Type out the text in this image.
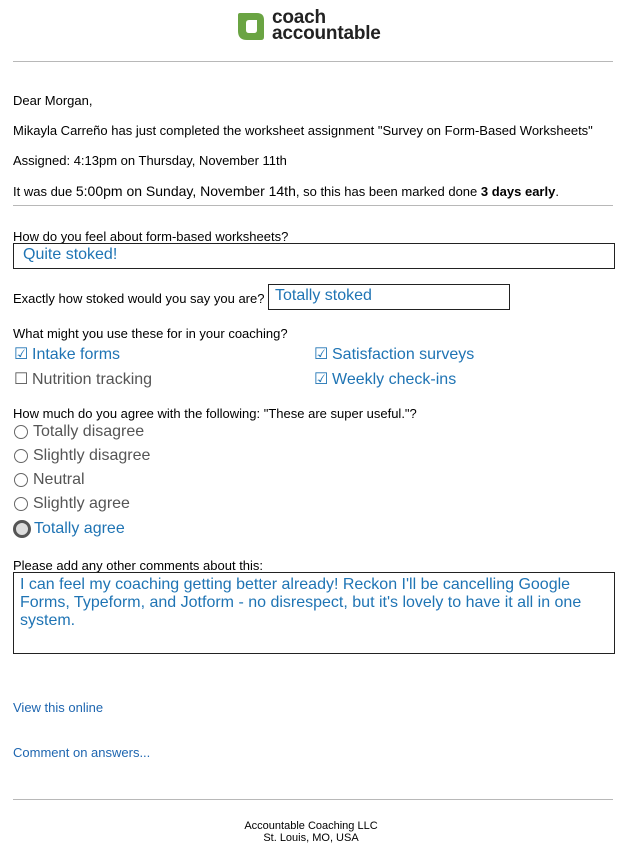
coach
accountable
Dear Morgan,
Mikayla Carreño has just completed the worksheet assignment "Survey on Form-Based Worksheets"
Assigned: 4:13pm on Thursday, November 11th
It was due 5:00pm on Sunday, November 14th, so this has been marked done 3 days early.
How do you feel about form-based worksheets?
Quite stoked!
Exactly how stoked would you say you are? Totally stoked
What might you use these for in your coaching?
☑ Intake forms	☑ Satisfaction surveys
☐ Nutrition tracking	☑ Weekly check-ins
How much do you agree with the following: "These are super useful."?
Totally disagree
Slightly disagree
Neutral
Slightly agree
Totally agree
Please add any other comments about this:
I can feel my coaching getting better already! Reckon I'll be cancelling Google Forms, Typeform, and Jotform - no disrespect, but it's lovely to have it all in one system.
View this online
Comment on answers...
Accountable Coaching LLC
St. Louis, MO, USA
